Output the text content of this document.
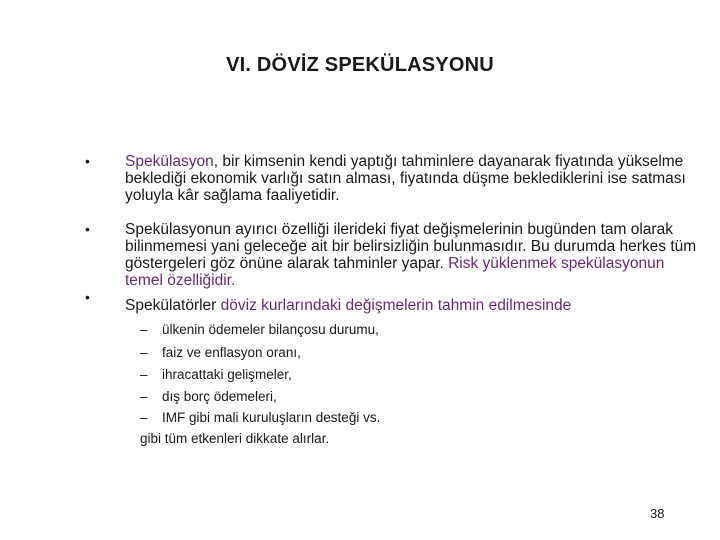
VI. DÖVİZ SPEKÜLASYONU
•
•
•
Spekülasyon, bir kimsenin kendi yaptığı tahminlere dayanarak fiyatında yükselme beklediği ekonomik varlığı satın alması, fiyatında düşme beklediklerini ise satması yoluyla kâr sağlama faaliyetidir.
Spekülasyonun ayırıcı özelliği ilerideki fiyat değişmelerinin bugünden tam olarak bilinmemesi yani geleceğe ait bir belirsizliğin bulunmasıdır. Bu durumda herkes tüm göstergeleri göz önüne alarak tahminler yapar. Risk yüklenmek spekülasyonun temel özelliğidir.
Spekülatörler döviz kurlarındaki değişmelerin tahmin edilmesinde
– ülkenin ödemeler bilançosu durumu,
– faiz ve enflasyon oranı,
– ihracattaki gelişmeler,
– dış borç ödemeleri,
– IMF gibi mali kuruluşların desteği vs.
gibi tüm etkenleri dikkate alırlar.
38
